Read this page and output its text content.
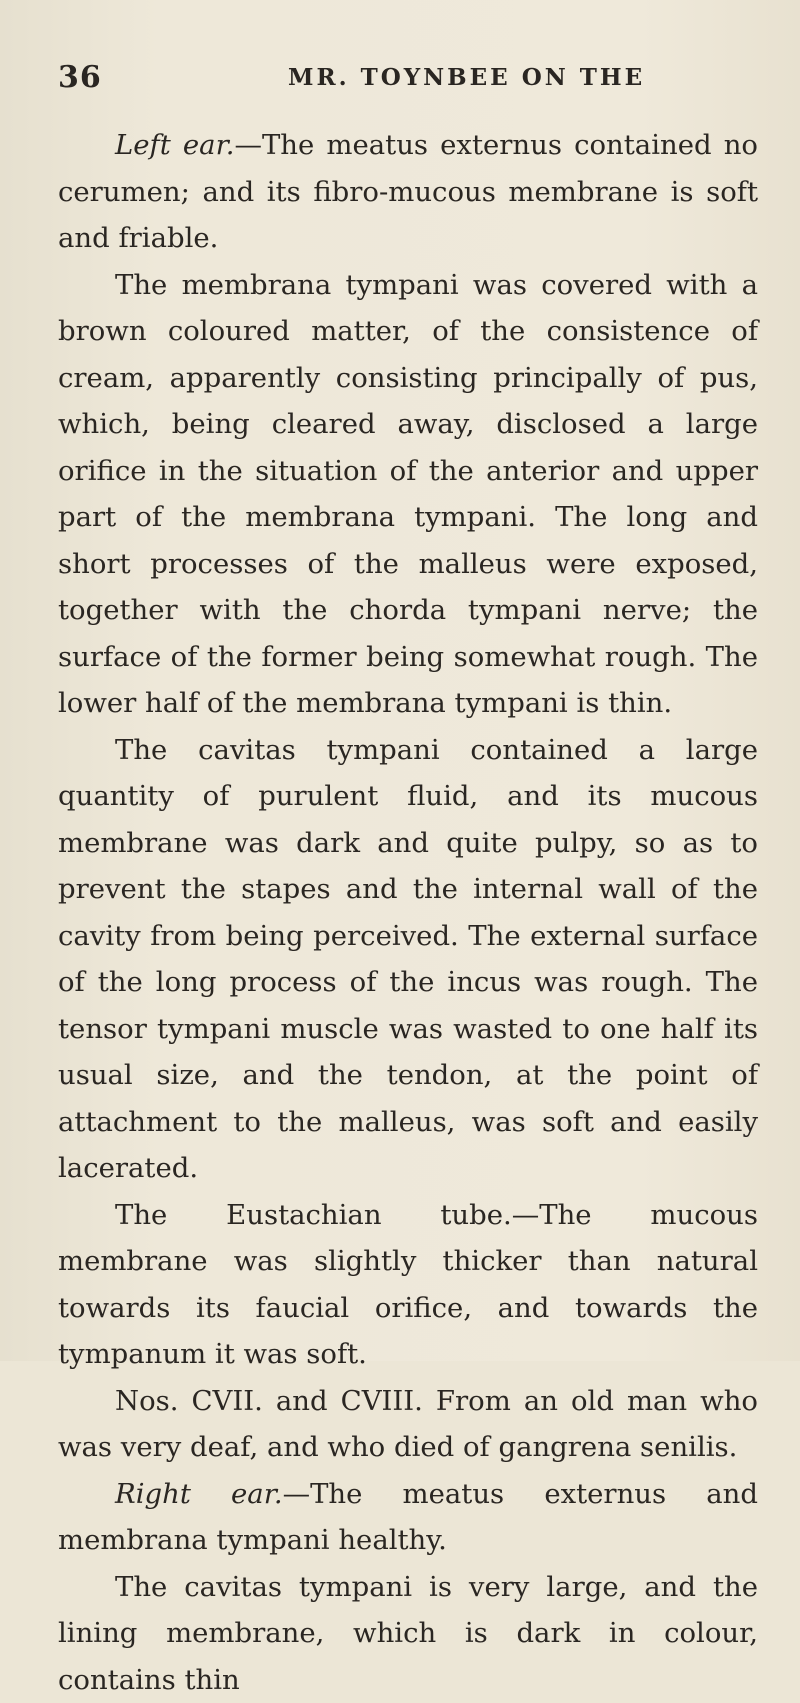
36	MR. TOYNBEE ON THE

Left ear.—The meatus externus contained no cerumen; and its fibro-mucous membrane is soft and friable.

The membrana tympani was covered with a brown coloured matter, of the consistence of cream, apparently consisting principally of pus, which, being cleared away, disclosed a large orifice in the situation of the anterior and upper part of the membrana tympani. The long and short processes of the malleus were exposed, together with the chorda tympani nerve; the surface of the former being somewhat rough. The lower half of the membrana tympani is thin.

The cavitas tympani contained a large quantity of purulent fluid, and its mucous membrane was dark and quite pulpy, so as to prevent the stapes and the internal wall of the cavity from being perceived. The external surface of the long process of the incus was rough. The tensor tympani muscle was wasted to one half its usual size, and the tendon, at the point of attachment to the malleus, was soft and easily lacerated.

The Eustachian tube.—The mucous membrane was slightly thicker than natural towards its faucial orifice, and towards the tympanum it was soft.

Nos. CVII. and CVIII. From an old man who was very deaf, and who died of gangrena senilis.

Right ear.—The meatus externus and membrana tympani healthy.

The cavitas tympani is very large, and the lining membrane, which is dark in colour, contains thin
